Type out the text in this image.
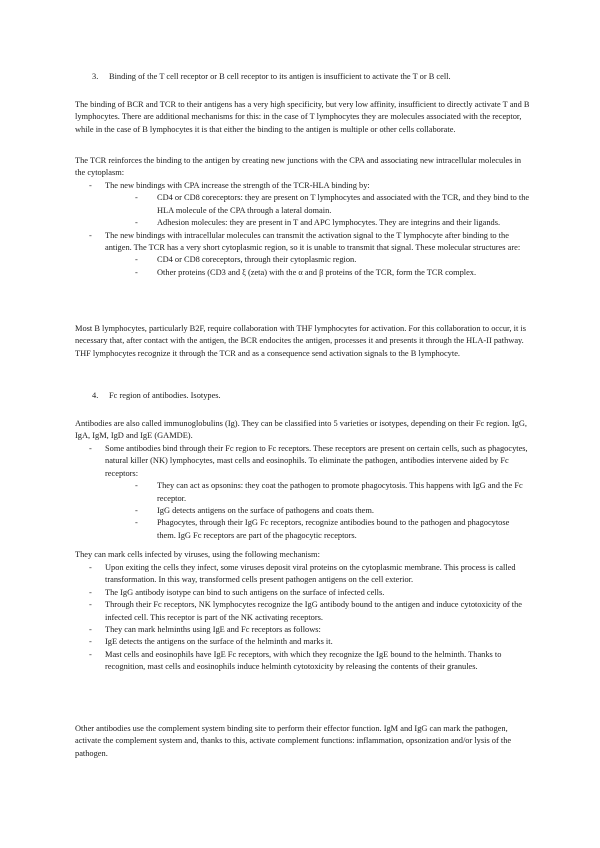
3. Binding of the T cell receptor or B cell receptor to its antigen is insufficient to activate the T or B cell.

The binding of BCR and TCR to their antigens has a very high specificity, but very low affinity, insufficient to directly activate T and B lymphocytes. There are additional mechanisms for this: in the case of T lymphocytes they are molecules associated with the receptor, while in the case of B lymphocytes it is that either the binding to the antigen is multiple or other cells collaborate.

The TCR reinforces the binding to the antigen by creating new junctions with the CPA and associating new intracellular molecules in the cytoplasm:

- The new bindings with CPA increase the strength of the TCR-HLA binding by:
- CD4 or CD8 coreceptors: they are present on T lymphocytes and associated with the TCR, and they bind to the HLA molecule of the CPA through a lateral domain.
- Adhesion molecules: they are present in T and APC lymphocytes. They are integrins and their ligands.
- The new bindings with intracellular molecules can transmit the activation signal to the T lymphocyte after binding to the antigen. The TCR has a very short cytoplasmic region, so it is unable to transmit that signal. These molecular structures are:
- CD4 or CD8 coreceptors, through their cytoplasmic region.
- Other proteins (CD3 and ξ (zeta) with the α and β proteins of the TCR, form the TCR complex.

Most B lymphocytes, particularly B2F, require collaboration with THF lymphocytes for activation. For this collaboration to occur, it is necessary that, after contact with the antigen, the BCR endocites the antigen, processes it and presents it through the HLA-II pathway. THF lymphocytes recognize it through the TCR and as a consequence send activation signals to the B lymphocyte.

4. Fc region of antibodies. Isotypes.

Antibodies are also called immunoglobulins (Ig). They can be classified into 5 varieties or isotypes, depending on their Fc region. IgG, IgA, IgM, IgD and IgE (GAMDE).

- Some antibodies bind through their Fc region to Fc receptors. These receptors are present on certain cells, such as phagocytes, natural killer (NK) lymphocytes, mast cells and eosinophils. To eliminate the pathogen, antibodies intervene aided by Fc receptors:
- They can act as opsonins: they coat the pathogen to promote phagocytosis. This happens with IgG and the Fc receptor.
- IgG detects antigens on the surface of pathogens and coats them.
- Phagocytes, through their IgG Fc receptors, recognize antibodies bound to the pathogen and phagocytose them. IgG Fc receptors are part of the phagocytic receptors.

They can mark cells infected by viruses, using the following mechanism:

- Upon exiting the cells they infect, some viruses deposit viral proteins on the cytoplasmic membrane. This process is called transformation. In this way, transformed cells present pathogen antigens on the cell exterior.
- The IgG antibody isotype can bind to such antigens on the surface of infected cells.
- Through their Fc receptors, NK lymphocytes recognize the IgG antibody bound to the antigen and induce cytotoxicity of the infected cell. This receptor is part of the NK activating receptors.
- They can mark helminths using IgE and Fc receptors as follows:
- IgE detects the antigens on the surface of the helminth and marks it.
- Mast cells and eosinophils have IgE Fc receptors, with which they recognize the IgE bound to the helminth. Thanks to recognition, mast cells and eosinophils induce helminth cytotoxicity by releasing the contents of their granules.

Other antibodies use the complement system binding site to perform their effector function. IgM and IgG can mark the pathogen, activate the complement system and, thanks to this, activate complement functions: inflammation, opsonization and/or lysis of the pathogen.
